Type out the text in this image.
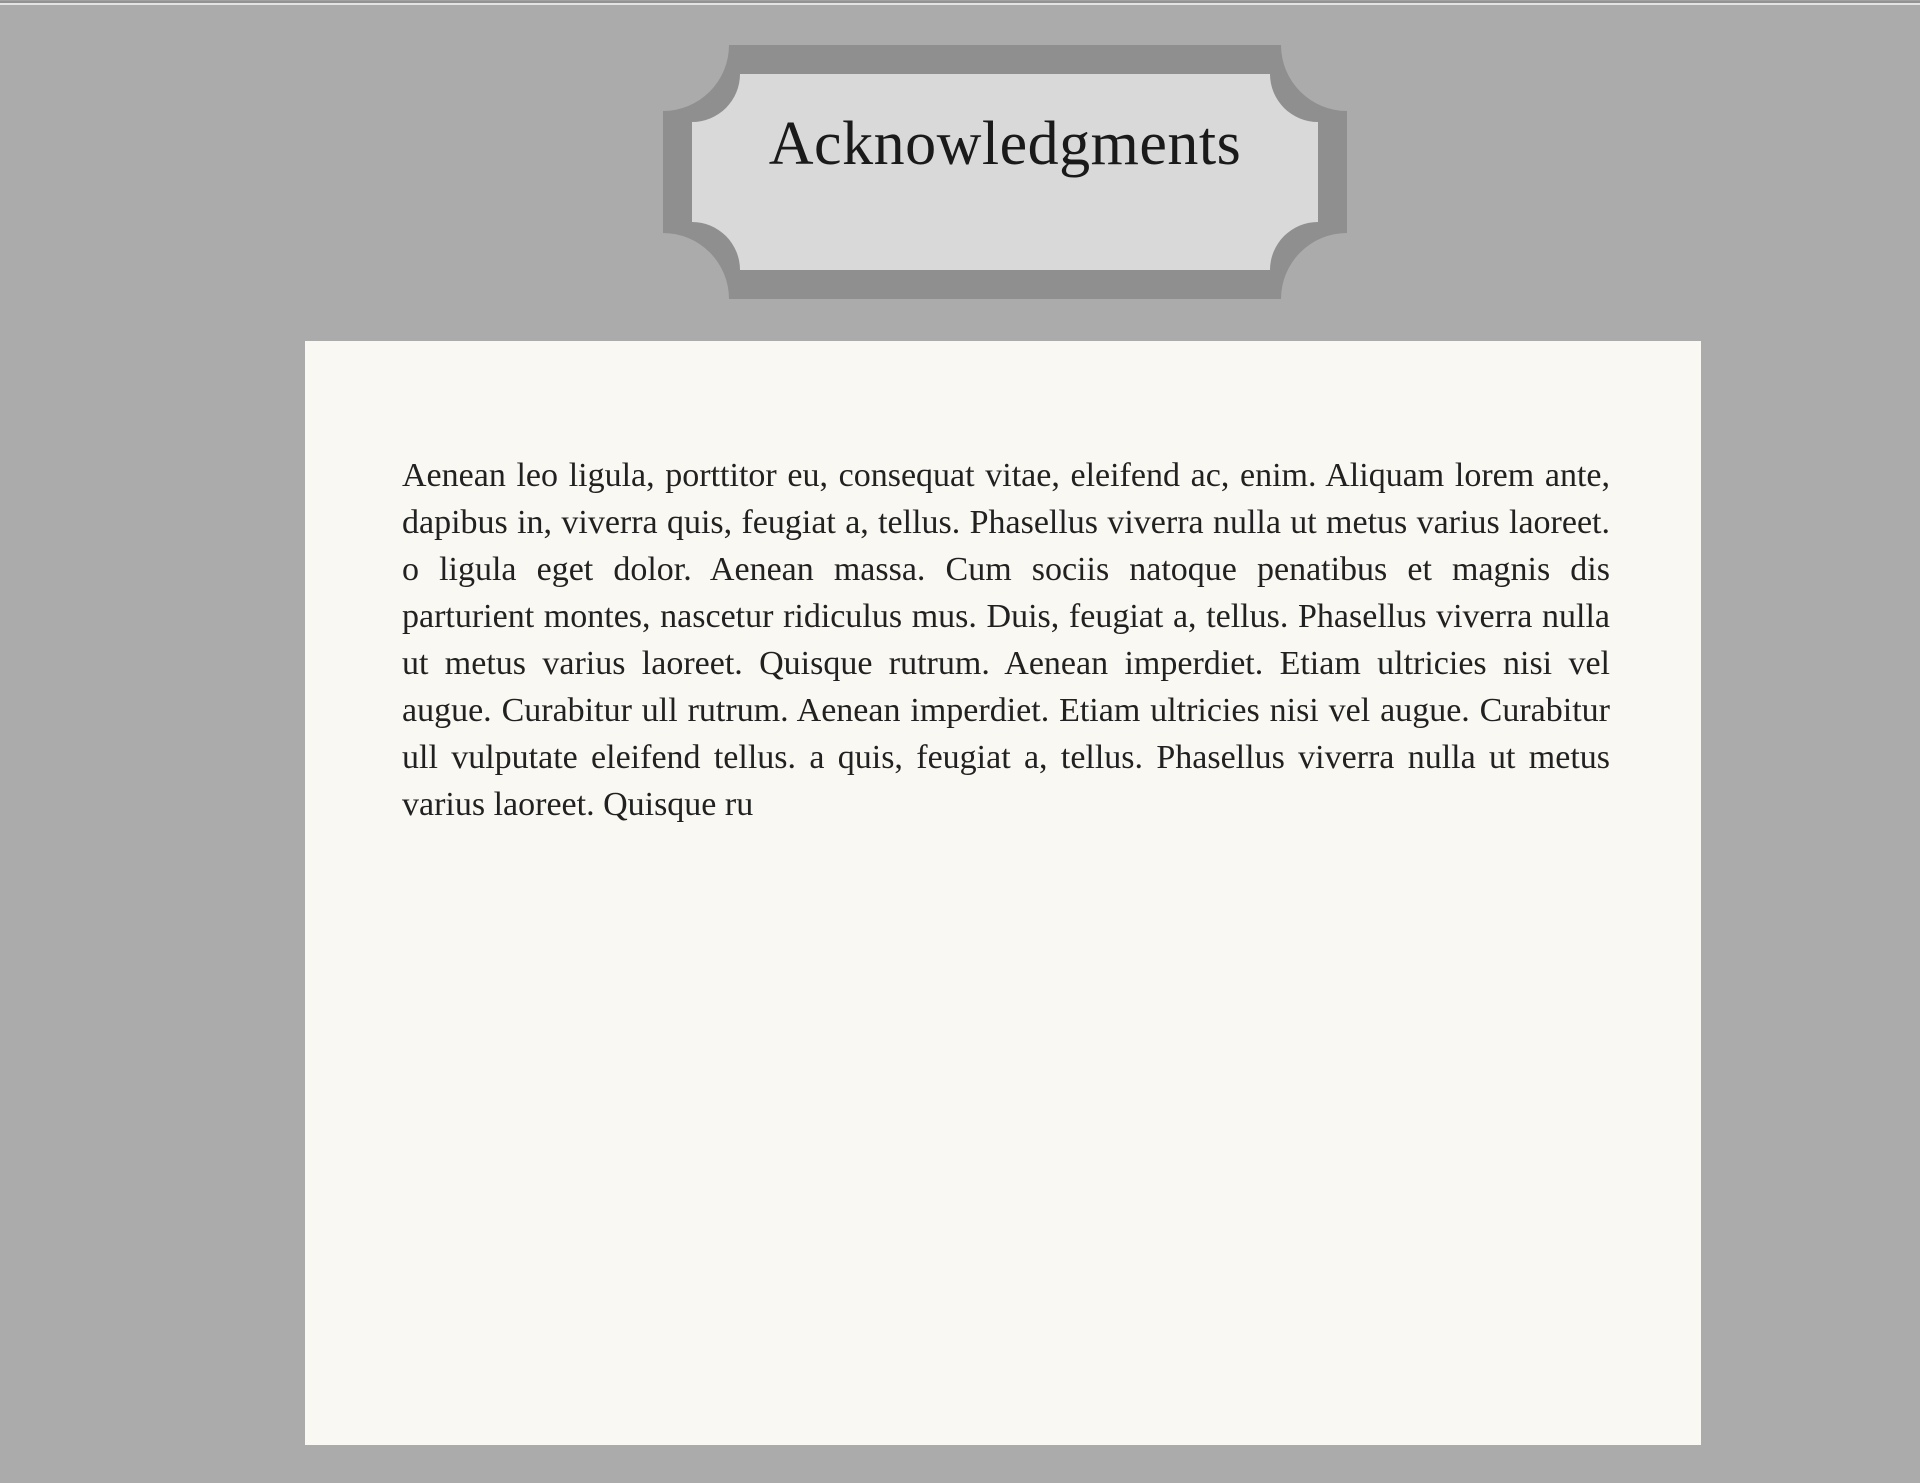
Acknowledgments
Aenean leo ligula, porttitor eu, consequat vitae, eleifend ac, enim. Aliquam lorem ante, dapibus in, viverra quis, feugiat a, tellus. Phasellus viverra nulla ut metus varius laoreet. o ligula eget dolor. Aenean massa. Cum sociis natoque penatibus et magnis dis parturient montes, nascetur ridiculus mus. Duis, feugiat a, tellus. Phasellus viverra nulla ut metus varius laoreet. Quisque rutrum. Aenean imperdiet. Etiam ultricies nisi vel augue. Curabitur ull rutrum. Aenean imperdiet. Etiam ultricies nisi vel augue. Curabitur ull vulputate eleifend tellus. a quis, feugiat a, tellus. Phasellus viverra nulla ut metus varius laoreet. Quisque ru
